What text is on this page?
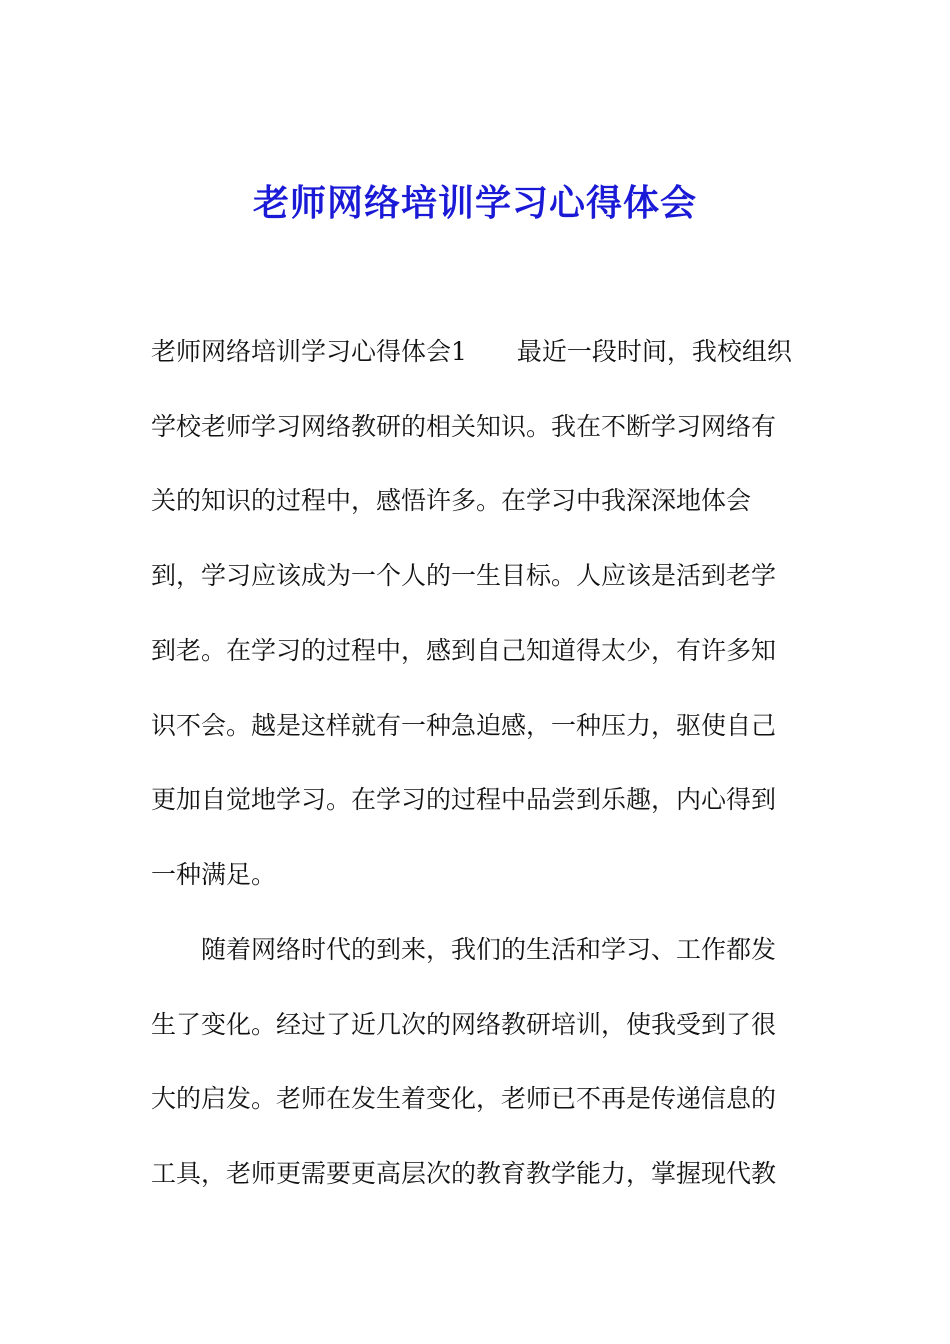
老师网络培训学习心得体会
老师网络培训学习心得体会1　　最近一段时间，我校组织
学校老师学习网络教研的相关知识。我在不断学习网络有
关的知识的过程中，感悟许多。在学习中我深深地体会
到，学习应该成为一个人的一生目标。人应该是活到老学
到老。在学习的过程中，感到自己知道得太少，有许多知
识不会。越是这样就有一种急迫感，一种压力，驱使自己
更加自觉地学习。在学习的过程中品尝到乐趣，内心得到
一种满足。
　　随着网络时代的到来，我们的生活和学习、工作都发
生了变化。经过了近几次的网络教研培训，使我受到了很
大的启发。老师在发生着变化，老师已不再是传递信息的
工具，老师更需要更高层次的教育教学能力，掌握现代教
